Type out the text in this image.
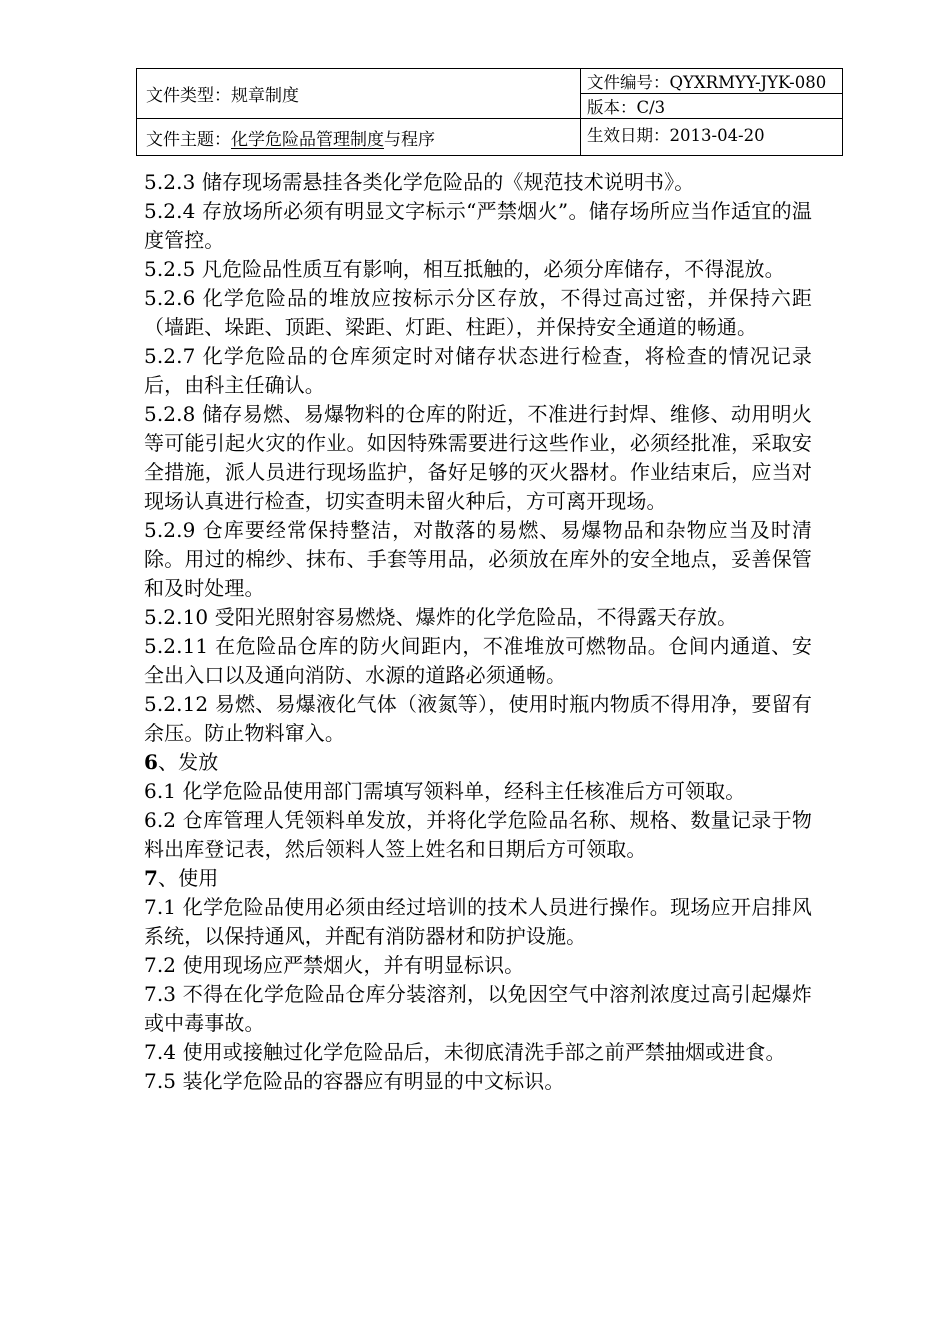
文件类型：规章制度	文件编号：QYXRMYY-JYK-080
	版本：C/3
文件主题：化学危险品管理制度与程序	生效日期：2013-04-20

5.2.3 储存现场需悬挂各类化学危险品的《规范技术说明书》。

5.2.4 存放场所必须有明显文字标示“严禁烟火”。储存场所应当作适宜的温度管控。

5.2.5 凡危险品性质互有影响，相互抵触的，必须分库储存，不得混放。

5.2.6 化学危险品的堆放应按标示分区存放，不得过高过密，并保持六距（墙距、垛距、顶距、梁距、灯距、柱距），并保持安全通道的畅通。

5.2.7 化学危险品的仓库须定时对储存状态进行检查，将检查的情况记录后，由科主任确认。

5.2.8 储存易燃、易爆物料的仓库的附近，不准进行封焊、维修、动用明火等可能引起火灾的作业。如因特殊需要进行这些作业，必须经批准，采取安全措施，派人员进行现场监护，备好足够的灭火器材。作业结束后，应当对现场认真进行检查，切实查明未留火种后，方可离开现场。

5.2.9 仓库要经常保持整洁，对散落的易燃、易爆物品和杂物应当及时清除。用过的棉纱、抹布、手套等用品，必须放在库外的安全地点，妥善保管和及时处理。

5.2.10 受阳光照射容易燃烧、爆炸的化学危险品，不得露天存放。

5.2.11 在危险品仓库的防火间距内，不准堆放可燃物品。仓间内通道、安全出入口以及通向消防、水源的道路必须通畅。

5.2.12 易燃、易爆液化气体（液氮等），使用时瓶内物质不得用净，要留有余压。防止物料窜入。

6、发放

6.1 化学危险品使用部门需填写领料单，经科主任核准后方可领取。

6.2 仓库管理人凭领料单发放，并将化学危险品名称、规格、数量记录于物料出库登记表，然后领料人签上姓名和日期后方可领取。

7、使用

7.1 化学危险品使用必须由经过培训的技术人员进行操作。现场应开启排风系统，以保持通风，并配有消防器材和防护设施。

7.2 使用现场应严禁烟火，并有明显标识。

7.3 不得在化学危险品仓库分装溶剂，以免因空气中溶剂浓度过高引起爆炸或中毒事故。

7.4 使用或接触过化学危险品后，未彻底清洗手部之前严禁抽烟或进食。

7.5 装化学危险品的容器应有明显的中文标识。
